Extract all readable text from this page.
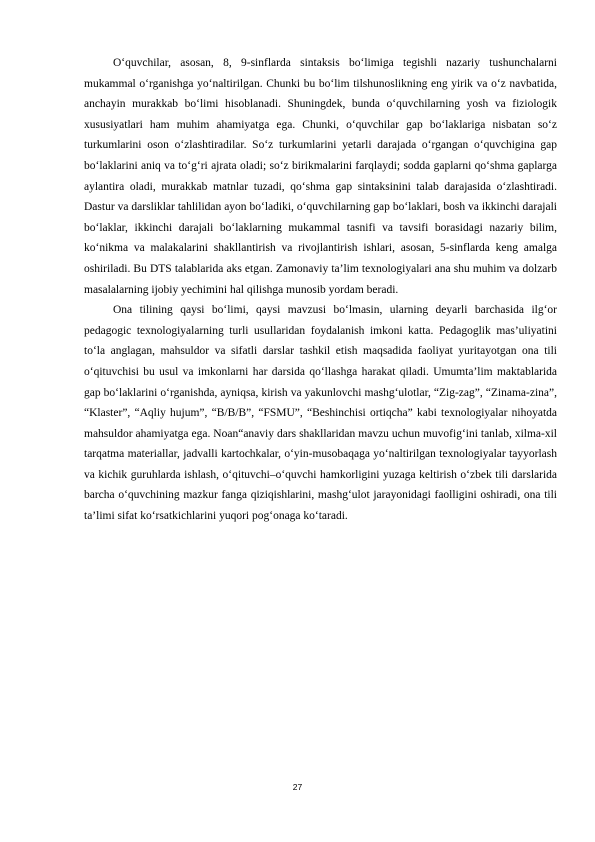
O‘quvchilar, asosan, 8, 9-sinflarda sintaksis bo‘limiga tegishli nazariy tushunchalarni mukammal o‘rganishga yo‘naltirilgan. Chunki bu bo‘lim tilshunoslikning eng yirik va o‘z navbatida, anchayin murakkab bo‘limi hisoblanadi. Shuningdek, bunda o‘quvchilarning yosh va fiziologik xususiyatlari ham muhim ahamiyatga ega. Chunki, o‘quvchilar gap bo‘laklariga nisbatan so‘z turkumlarini oson o‘zlashtiradilar. So‘z turkumlarini yetarli darajada o‘rgangan o‘quvchigina gap bo‘laklarini aniq va to‘g‘ri ajrata oladi; so‘z birikmalarini farqlaydi; sodda gaplarni qo‘shma gaplarga aylantira oladi, murakkab matnlar tuzadi, qo‘shma gap sintaksinini talab darajasida o‘zlashtiradi. Dastur va darsliklar tahlilidan ayon bo‘ladiki, o‘quvchilarning gap bo‘laklari, bosh va ikkinchi darajali bo‘laklar, ikkinchi darajali bo‘laklarning mukammal tasnifi va tavsifi borasidagi nazariy bilim, ko‘nikma va malakalarini shakllantirish va rivojlantirish ishlari, asosan, 5-sinflarda keng amalga oshiriladi. Bu DTS talablarida aks etgan. Zamonaviy ta’lim texnologiyalari ana shu muhim va dolzarb masalalarning ijobiy yechimini hal qilishga munosib yordam beradi.

Ona tilining qaysi bo‘limi, qaysi mavzusi bo‘lmasin, ularning deyarli barchasida ilg‘or pedagogic texnologiyalarning turli usullaridan foydalanish imkoni katta. Pedagoglik mas’uliyatini to‘la anglagan, mahsuldor va sifatli darslar tashkil etish maqsadida faoliyat yuritayotgan ona tili o‘qituvchisi bu usul va imkonlarni har darsida qo‘llashga harakat qiladi. Umumta’lim maktablarida gap bo‘laklarini o‘rganishda, ayniqsa, kirish va yakunlovchi mashg‘ulotlar, “Zig-zag”, “Zinama-zina”, “Klaster”, “Aqliy hujum”, “B/B/B”, “FSMU”, “Beshinchisi ortiqcha” kabi texnologiyalar nihoyatda mahsuldor ahamiyatga ega. Noan“anaviy dars shakllaridan mavzu uchun muvofig‘ini tanlab, xilma-xil tarqatma materiallar, jadvalli kartochkalar, o‘yin-musobaqaga yo‘naltirilgan texnologiyalar tayyorlash va kichik guruhlarda ishlash, o‘qituvchi–o‘quvchi hamkorligini yuzaga keltirish o‘zbek tili darslarida barcha o‘quvchining mazkur fanga qiziqishlarini, mashg‘ulot jarayonidagi faolligini oshiradi, ona tili ta’limi sifat ko‘rsatkichlarini yuqori pog‘onaga ko‘taradi.

27
